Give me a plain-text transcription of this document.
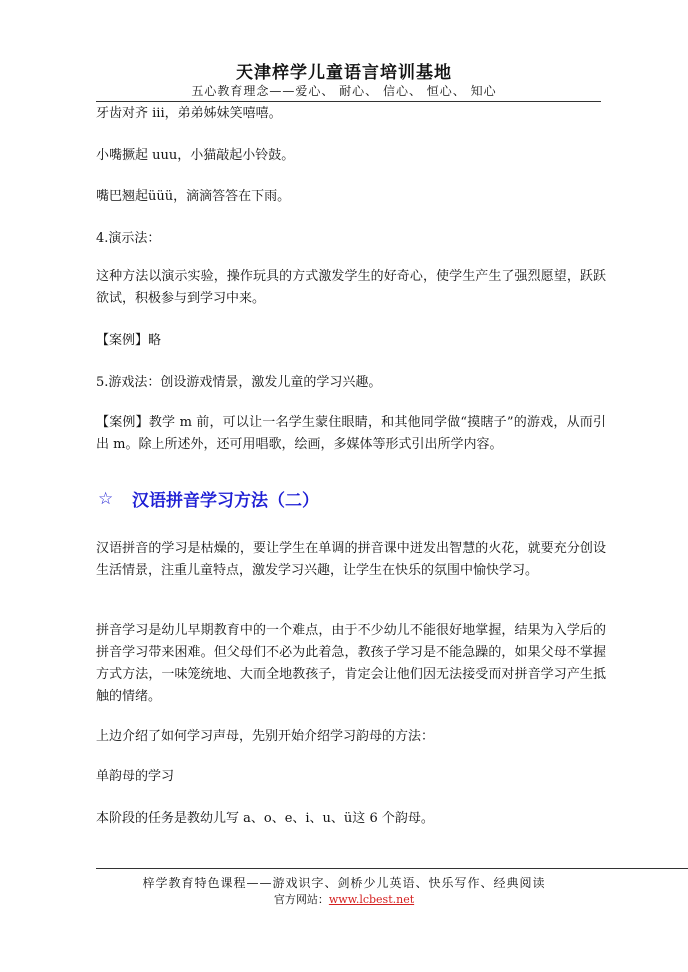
天津梓学儿童语言培训基地
五心教育理念——爱心、 耐心、 信心、 恒心、 知心

牙齿对齐 iii，弟弟姊妹笑嘻嘻。

小嘴撅起 uuu，小猫敲起小铃鼓。

嘴巴翘起üüü，滴滴答答在下雨。

4.演示法：

这种方法以演示实验，操作玩具的方式激发学生的好奇心，使学生产生了强烈愿望，跃跃欲试，积极参与到学习中来。

【案例】略

5.游戏法：创设游戏情景，激发儿童的学习兴趣。

【案例】教学 m 前，可以让一名学生蒙住眼睛，和其他同学做“摸瞎子”的游戏，从而引出 m。除上所述外，还可用唱歌，绘画，多媒体等形式引出所学内容。

☆	汉语拼音学习方法（二）

汉语拼音的学习是枯燥的，要让学生在单调的拼音课中迸发出智慧的火花，就要充分创设生活情景，注重儿童特点，激发学习兴趣，让学生在快乐的氛围中愉快学习。

拼音学习是幼儿早期教育中的一个难点，由于不少幼儿不能很好地掌握，结果为入学后的拼音学习带来困难。但父母们不必为此着急，教孩子学习是不能急躁的，如果父母不掌握方式方法，一味笼统地、大而全地教孩子，肯定会让他们因无法接受而对拼音学习产生抵触的情绪。

上边介绍了如何学习声母，先别开始介绍学习韵母的方法：

单韵母的学习

本阶段的任务是教幼儿写 a、o、e、i、u、ü这 6 个韵母。

梓学教育特色课程——游戏识字、剑桥少儿英语、快乐写作、经典阅读
官方网站：www.lcbest.net
